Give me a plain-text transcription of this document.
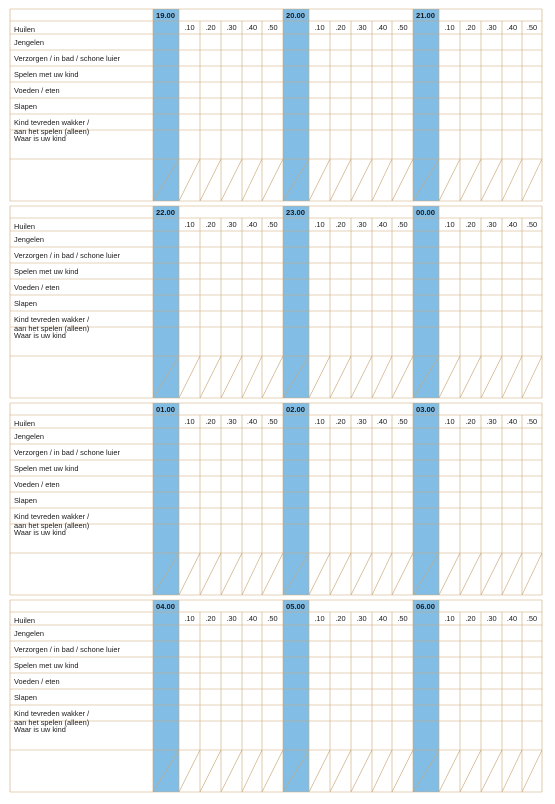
19.00	20.00	21.00
.10	.20	.30	.40	.50	.10	.20	.30	.40	.50	.10	.20	.30	.40	.50
Huilen
Jengelen
Verzorgen / in bad / schone luier
Spelen met uw kind
Voeden / eten
Slapen
Kind tevreden wakker /
aan het spelen (alleen)
Waar is uw kind
22.00	23.00	00.00
.10	.20	.30	.40	.50	.10	.20	.30	.40	.50	.10	.20	.30	.40	.50
Huilen
Jengelen
Verzorgen / in bad / schone luier
Spelen met uw kind
Voeden / eten
Slapen
Kind tevreden wakker /
aan het spelen (alleen)
Waar is uw kind
01.00	02.00	03.00
.10	.20	.30	.40	.50	.10	.20	.30	.40	.50	.10	.20	.30	.40	.50
Huilen
Jengelen
Verzorgen / in bad / schone luier
Spelen met uw kind
Voeden / eten
Slapen
Kind tevreden wakker /
aan het spelen (alleen)
Waar is uw kind
04.00	05.00	06.00
.10	.20	.30	.40	.50	.10	.20	.30	.40	.50	.10	.20	.30	.40	.50
Huilen
Jengelen
Verzorgen / in bad / schone luier
Spelen met uw kind
Voeden / eten
Slapen
Kind tevreden wakker /
aan het spelen (alleen)
Waar is uw kind
